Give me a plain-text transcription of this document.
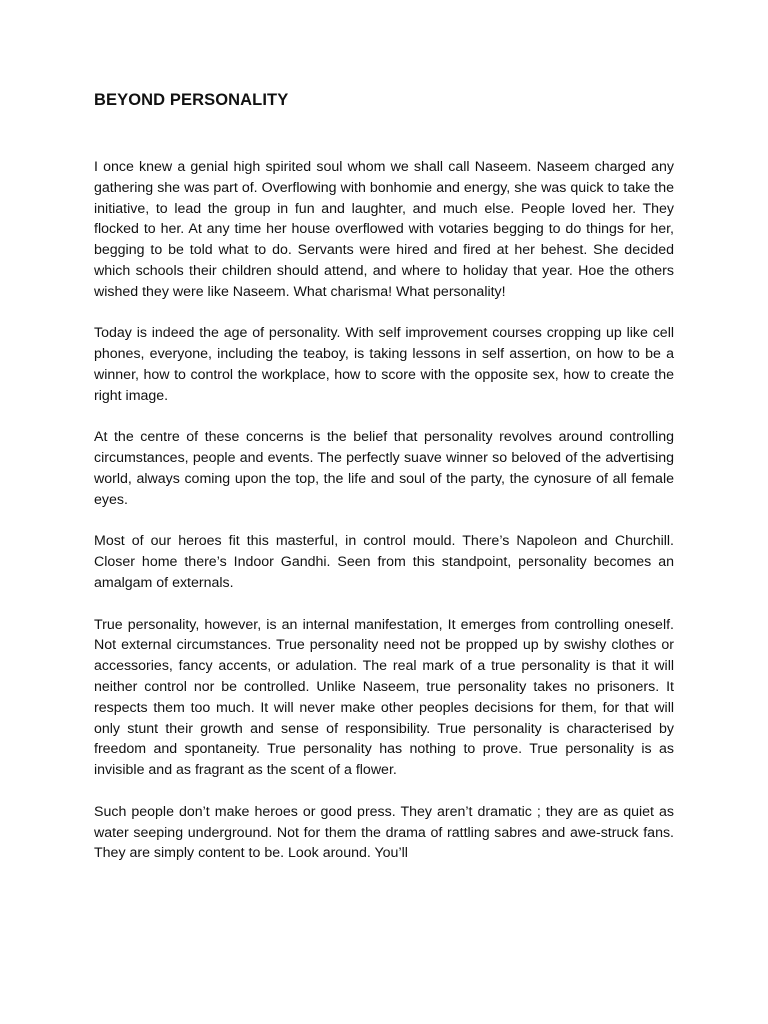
BEYOND PERSONALITY

I once knew a genial high spirited soul whom we shall call Naseem. Naseem charged any gathering she was part of. Overflowing with bonhomie and energy, she was quick to take the initiative, to lead the group in fun and laughter, and much else. People loved her. They flocked to her. At any time her house overflowed with votaries begging to do things for her, begging to be told what to do. Servants were hired and fired at her behest. She decided which schools their children should attend, and where to holiday that year. Hoe the others wished they were like Naseem. What charisma! What personality!

Today is indeed the age of personality. With self improvement courses cropping up like cell phones, everyone, including the teaboy, is taking lessons in self assertion, on how to be a winner, how to control the workplace, how to score with the opposite sex, how to create the right image.

At the centre of these concerns is the belief that personality revolves around controlling circumstances, people and events. The perfectly suave winner so beloved of the advertising world, always coming upon the top, the life and soul of the party, the cynosure of all female eyes.

Most of our heroes fit this masterful, in control mould. There’s Napoleon and Churchill. Closer home there’s Indoor Gandhi. Seen from this standpoint, personality becomes an amalgam of externals.

True personality, however, is an internal manifestation, It emerges from controlling oneself. Not external circumstances. True personality need not be propped up by swishy clothes or accessories, fancy accents, or adulation. The real mark of a true personality is that it will neither control nor be controlled. Unlike Naseem, true personality takes no prisoners. It respects them too much. It will never make other peoples decisions for them, for that will only stunt their growth and sense of responsibility. True personality is characterised by freedom and spontaneity. True personality has nothing to prove. True personality is as invisible and as fragrant as the scent of a flower.

Such people don’t make heroes or good press. They aren’t dramatic ; they are as quiet as water seeping underground. Not for them the drama of rattling sabres and awe-struck fans. They are simply content to be. Look around. You’ll
